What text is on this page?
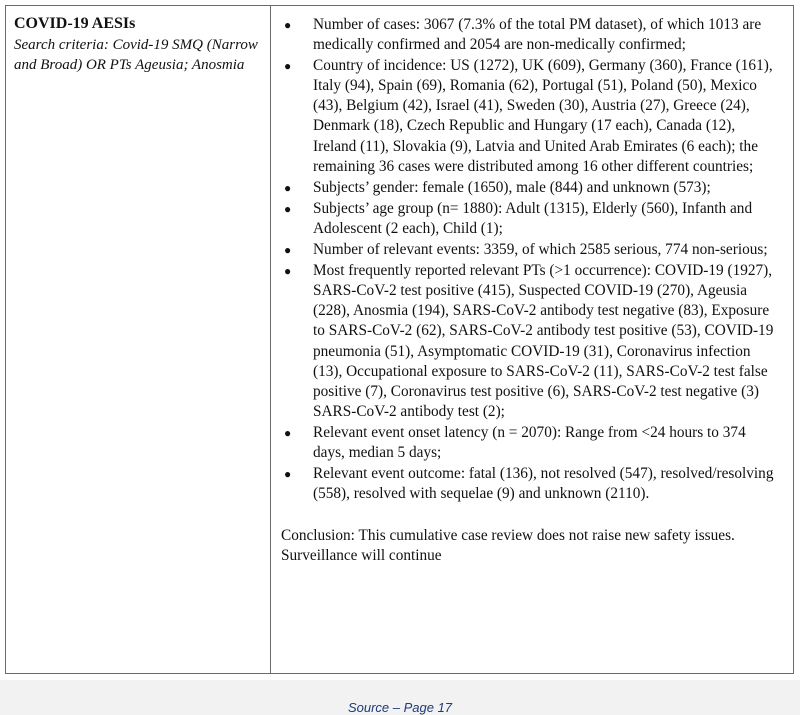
COVID-19 AESIs
Search criteria: Covid-19 SMQ (Narrow and Broad) OR PTs Ageusia; Anosmia
● Number of cases: 3067 (7.3% of the total PM dataset), of which 1013 are medically confirmed and 2054 are non-medically confirmed;
● Country of incidence: US (1272), UK (609), Germany (360), France (161), Italy (94), Spain (69), Romania (62), Portugal (51), Poland (50), Mexico (43), Belgium (42), Israel (41), Sweden (30), Austria (27), Greece (24), Denmark (18), Czech Republic and Hungary (17 each), Canada (12), Ireland (11), Slovakia (9), Latvia and United Arab Emirates (6 each); the remaining 36 cases were distributed among 16 other different countries;
● Subjects’ gender: female (1650), male (844) and unknown (573);
● Subjects’ age group (n= 1880): Adult (1315), Elderly (560), Infanth and Adolescent (2 each), Child (1);
● Number of relevant events: 3359, of which 2585 serious, 774 non-serious;
● Most frequently reported relevant PTs (>1 occurrence): COVID-19 (1927), SARS-CoV-2 test positive (415), Suspected COVID-19 (270), Ageusia (228), Anosmia (194), SARS-CoV-2 antibody test negative (83), Exposure to SARS-CoV-2 (62), SARS-CoV-2 antibody test positive (53), COVID-19 pneumonia (51), Asymptomatic COVID-19 (31), Coronavirus infection (13), Occupational exposure to SARS-CoV-2 (11), SARS-CoV-2 test false positive (7), Coronavirus test positive (6), SARS-CoV-2 test negative (3) SARS-CoV-2 antibody test (2);
● Relevant event onset latency (n = 2070): Range from <24 hours to 374 days, median 5 days;
● Relevant event outcome: fatal (136), not resolved (547), resolved/resolving (558), resolved with sequelae (9) and unknown (2110).
Conclusion: This cumulative case review does not raise new safety issues. Surveillance will continue
Source – Page 17
